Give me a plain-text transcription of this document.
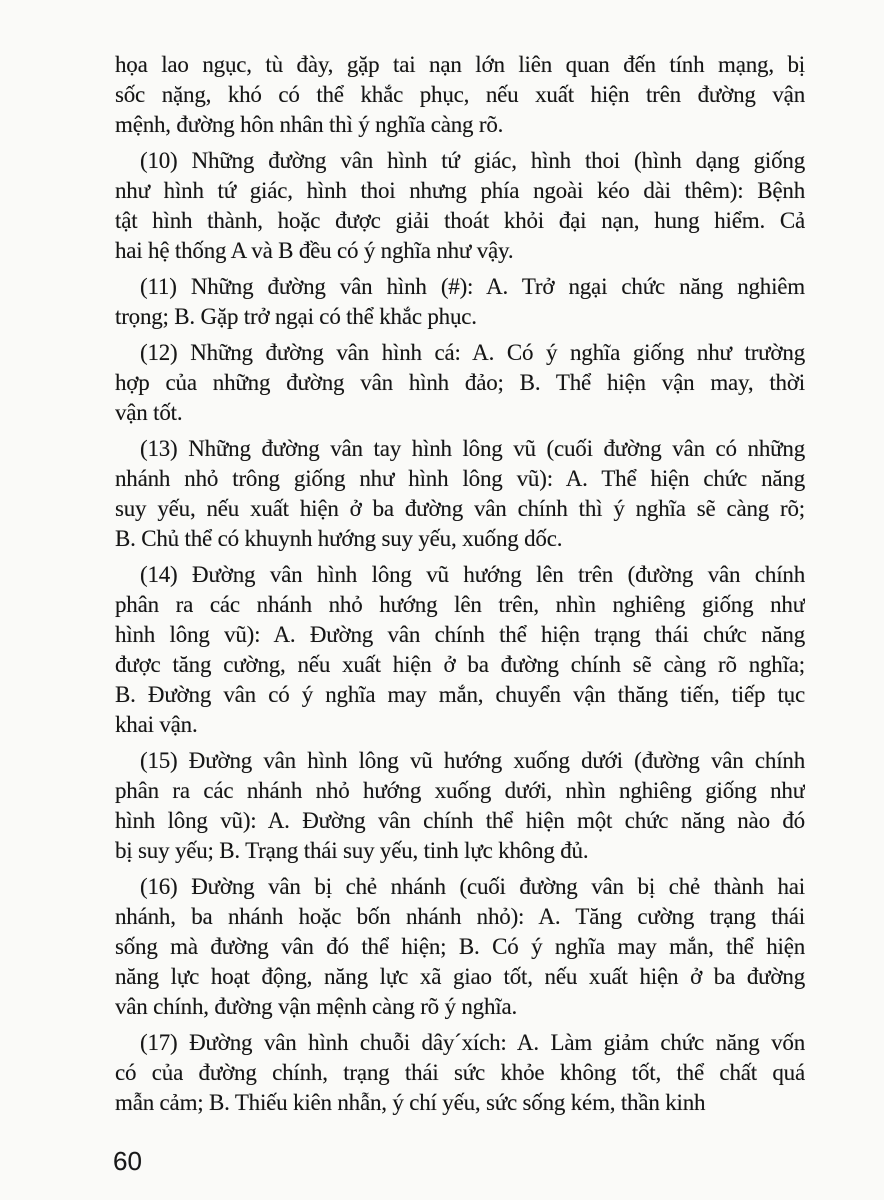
họa lao ngục, tù đày, gặp tai nạn lớn liên quan đến tính mạng, bị
sốc nặng, khó có thể khắc phục, nếu xuất hiện trên đường vận
mệnh, đường hôn nhân thì ý nghĩa càng rõ.
(10) Những đường vân hình tứ giác, hình thoi (hình dạng giống
như hình tứ giác, hình thoi nhưng phía ngoài kéo dài thêm): Bệnh
tật hình thành, hoặc được giải thoát khỏi đại nạn, hung hiểm. Cả
hai hệ thống A và B đều có ý nghĩa như vậy.
(11) Những đường vân hình (#): A. Trở ngại chức năng nghiêm
trọng; B. Gặp trở ngại có thể khắc phục.
(12) Những đường vân hình cá: A. Có ý nghĩa giống như trường
hợp của những đường vân hình đảo; B. Thể hiện vận may, thời
vận tốt.
(13) Những đường vân tay hình lông vũ (cuối đường vân có những
nhánh nhỏ trông giống như hình lông vũ): A. Thể hiện chức năng
suy yếu, nếu xuất hiện ở ba đường vân chính thì ý nghĩa sẽ càng rõ;
B. Chủ thể có khuynh hướng suy yếu, xuống dốc.
(14) Đường vân hình lông vũ hướng lên trên (đường vân chính
phân ra các nhánh nhỏ hướng lên trên, nhìn nghiêng giống như
hình lông vũ): A. Đường vân chính thể hiện trạng thái chức năng
được tăng cường, nếu xuất hiện ở ba đường chính sẽ càng rõ nghĩa;
B. Đường vân có ý nghĩa may mắn, chuyển vận thăng tiến, tiếp tục
khai vận.
(15) Đường vân hình lông vũ hướng xuống dưới (đường vân chính
phân ra các nhánh nhỏ hướng xuống dưới, nhìn nghiêng giống như
hình lông vũ): A. Đường vân chính thể hiện một chức năng nào đó
bị suy yếu; B. Trạng thái suy yếu, tinh lực không đủ.
(16) Đường vân bị chẻ nhánh (cuối đường vân bị chẻ thành hai
nhánh, ba nhánh hoặc bốn nhánh nhỏ): A. Tăng cường trạng thái
sống mà đường vân đó thể hiện; B. Có ý nghĩa may mắn, thể hiện
năng lực hoạt động, năng lực xã giao tốt, nếu xuất hiện ở ba đường
vân chính, đường vận mệnh càng rõ ý nghĩa.
(17) Đường vân hình chuỗi dây´xích: A. Làm giảm chức năng vốn
có của đường chính, trạng thái sức khỏe không tốt, thể chất quá
mẫn cảm; B. Thiếu kiên nhẫn, ý chí yếu, sức sống kém, thần kinh
60
